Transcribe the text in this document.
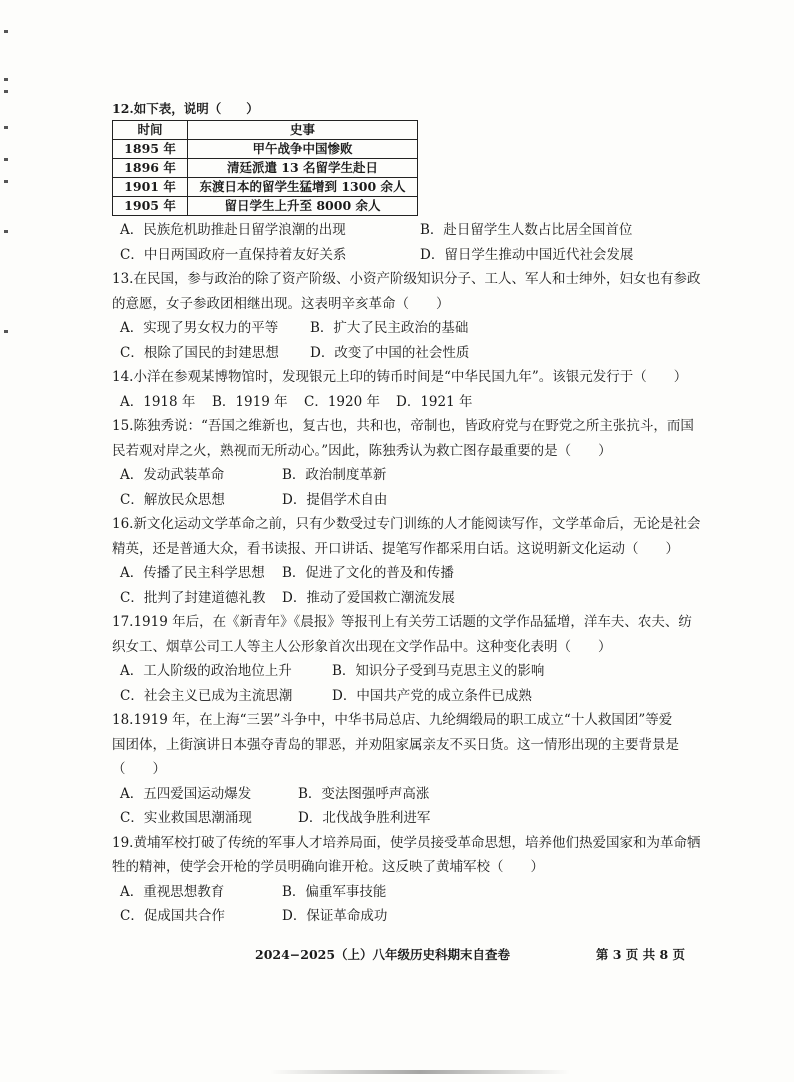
12.如下表，说明（　　）
时间	史事
1895 年	甲午战争中国惨败
1896 年	清廷派遣 13 名留学生赴日
1901 年	东渡日本的留学生猛增到 1300 余人
1905 年	留日学生上升至 8000 余人
A．民族危机助推赴日留学浪潮的出现	B．赴日留学生人数占比居全国首位
C．中日两国政府一直保持着友好关系	D．留日学生推动中国近代社会发展
13.在民国，参与政治的除了资产阶级、小资产阶级知识分子、工人、军人和士绅外，妇女也有参政
的意愿，女子参政团相继出现。这表明辛亥革命（　　）
A．实现了男女权力的平等	B．扩大了民主政治的基础
C．根除了国民的封建思想	D．改变了中国的社会性质
14.小洋在参观某博物馆时，发现银元上印的铸币时间是“中华民国九年”。该银元发行于（　　）
A．1918 年	B．1919 年	C．1920 年	D．1921 年
15.陈独秀说：“吾国之维新也，复古也，共和也，帝制也，皆政府党与在野党之所主张抗斗，而国
民若观对岸之火，熟视而无所动心。”因此，陈独秀认为救亡图存最重要的是（　　）
A．发动武装革命	B．政治制度革新
C．解放民众思想	D．提倡学术自由
16.新文化运动文学革命之前，只有少数受过专门训练的人才能阅读写作，文学革命后，无论是社会
精英，还是普通大众，看书读报、开口讲话、提笔写作都采用白话。这说明新文化运动（　　）
A．传播了民主科学思想	B．促进了文化的普及和传播
C．批判了封建道德礼教	D．推动了爱国救亡潮流发展
17.1919 年后，在《新青年》《晨报》等报刊上有关劳工话题的文学作品猛增，洋车夫、农夫、纺
织女工、烟草公司工人等主人公形象首次出现在文学作品中。这种变化表明（　　）
A．工人阶级的政治地位上升	B．知识分子受到马克思主义的影响
C．社会主义已成为主流思潮	D．中国共产党的成立条件已成熟
18.1919 年，在上海“三罢”斗争中，中华书局总店、九纶绸缎局的职工成立“十人救国团”等爱
国团体，上街演讲日本强夺青岛的罪恶，并劝阻家属亲友不买日货。这一情形出现的主要背景是
（　　）
A．五四爱国运动爆发	B．变法图强呼声高涨
C．实业救国思潮涌现	D．北伐战争胜利进军
19.黄埔军校打破了传统的军事人才培养局面，使学员接受革命思想，培养他们热爱国家和为革命牺
牲的精神，使学会开枪的学员明确向谁开枪。这反映了黄埔军校（　　）
A．重视思想教育	B．偏重军事技能
C．促成国共合作	D．保证革命成功
2024−2025（上）八年级历史科期末自查卷	第 3 页 共 8 页
